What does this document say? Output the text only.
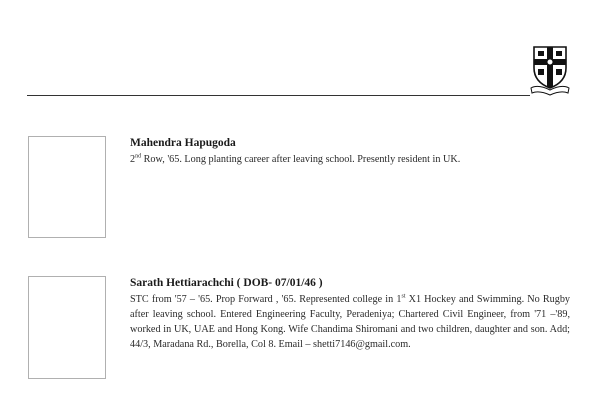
Mahendra Hapugoda

2nd Row, '65. Long planting career after leaving school. Presently resident in UK.

Sarath Hettiarachchi ( DOB- 07/01/46 )

STC from '57 – '65. Prop Forward , '65. Represented college in 1st X1 Hockey and Swimming. No Rugby after leaving school. Entered Engineering Faculty, Peradeniya; Chartered Civil Engineer, from '71 –'89, worked in UK, UAE and Hong Kong. Wife Chandima Shiromani and two children, daughter and son. Add; 44/3, Maradana Rd., Borella, Col 8. Email – shetti7146@gmail.com.
